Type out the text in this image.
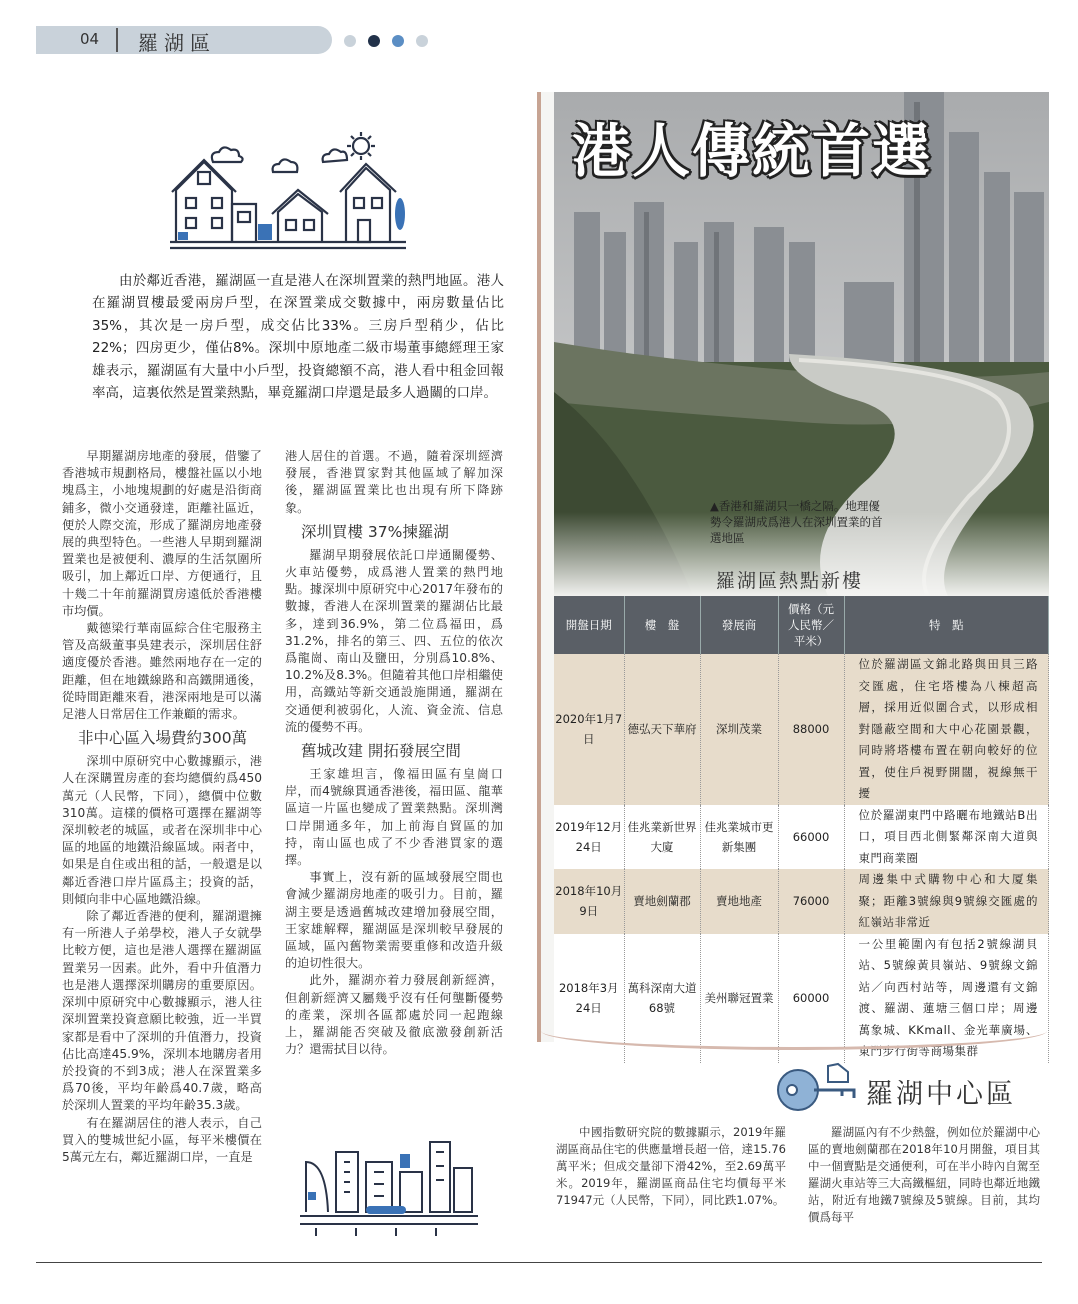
04 羅湖區
由於鄰近香港，羅湖區一直是港人在深圳置業的熱門地區。港人在羅湖買樓最愛兩房戶型，在深置業成交數據中，兩房數量佔比35%，其次是一房戶型，成交佔比33%。三房戶型稍少，佔比22%；四房更少，僅佔8%。深圳中原地產二級市場董事總經理王家雄表示，羅湖區有大量中小戶型，投資總額不高，港人看中租金回報率高，這裏依然是置業熱點，畢竟羅湖口岸還是最多人過關的口岸。

早期羅湖房地產的發展，借鑒了香港城市規劃格局，樓盤社區以小地塊爲主，小地塊規劃的好處是沿街商鋪多，微小交通發達，距離社區近，便於人際交流，形成了羅湖房地產發展的典型特色。一些港人早期到羅湖置業也是被便利、濃厚的生活氛圍所吸引，加上鄰近口岸、方便通行，且十幾二十年前羅湖買房遠低於香港樓市均價。

戴德梁行華南區綜合住宅服務主管及高級董事吳建表示，深圳居住舒適度優於香港。雖然兩地存在一定的距離，但在地鐵線路和高鐵開通後，從時間距離來看，港深兩地是可以滿足港人日常居住工作兼顧的需求。

非中心區入場費約300萬

深圳中原研究中心數據顯示，港人在深購置房產的套均總價約爲450萬元（人民幣，下同），總價中位數310萬。這樣的價格可選擇在羅湖等深圳較老的城區，或者在深圳非中心區的地區的地鐵沿線區域。兩者中，如果是自住或出租的話，一般還是以鄰近香港口岸片區爲主；投資的話，則傾向非中心區地鐵沿線。

除了鄰近香港的便利，羅湖還擁有一所港人子弟學校，港人子女就學比較方便，這也是港人選擇在羅湖區置業另一因素。此外，看中升值潛力也是港人選擇深圳購房的重要原因。深圳中原研究中心數據顯示，港人往深圳置業投資意願比較強，近一半買家都是看中了深圳的升值潛力，投資佔比高達45.9%，深圳本地購房者用於投資的不到3成；港人在深置業多爲70後，平均年齡爲40.7歲，略高於深圳人置業的平均年齡35.3歲。

有在羅湖居住的港人表示，自己買入的雙城世紀小區，每平米樓價在5萬元左右，鄰近羅湖口岸，一直是

港人居住的首選。不過，隨着深圳經濟發展，香港買家對其他區域了解加深後，羅湖區置業比也出現有所下降跡象。

深圳買樓 37%揀羅湖

羅湖早期發展依託口岸通關優勢、火車站優勢，成爲港人置業的熱門地點。據深圳中原研究中心2017年發布的數據，香港人在深圳置業的羅湖佔比最多，達到36.9%，第二位爲福田，爲31.2%，排名的第三、四、五位的依次爲龍崗、南山及鹽田，分別爲10.8%、10.2%及8.3%。但隨着其他口岸相繼使用，高鐵站等新交通設施開通，羅湖在交通便利被弱化，人流、資金流、信息流的優勢不再。

舊城改建 開拓發展空間

王家雄坦言，像福田區有皇崗口岸，而4號線貫通香港後，福田區、龍華區這一片區也變成了置業熱點。深圳灣口岸開通多年，加上前海自貿區的加持，南山區也成了不少香港買家的選擇。

事實上，沒有新的區域發展空間也會減少羅湖房地產的吸引力。目前，羅湖主要是透過舊城改建增加發展空間，王家雄解釋，羅湖區是深圳較早發展的區域，區內舊物業需要重修和改造升級的迫切性很大。

此外，羅湖亦着力發展創新經濟，但創新經濟又屬幾乎沒有任何壟斷優勢的產業，深圳各區都處於同一起跑線上，羅湖能否突破及徹底激發創新活力？還需拭目以待。

港人傳統首選
▲香港和羅湖只一橋之隔。地理優勢令羅湖成爲港人在深圳置業的首選地區
羅湖區熱點新樓
開盤日期	樓　盤	發展商	價格（元人民幣／平米）	特　點
2020年1月7日	德弘天下華府	深圳茂業	88000	位於羅湖區文錦北路與田貝三路交匯處，住宅塔樓為八棟超高層，採用近似圍合式，以形成相對隱蔽空間和大中心花園景觀，同時將塔樓布置在朝向較好的位置，使住戶視野開闊，視線無干擾
2019年12月24日	佳兆業新世界大廈	佳兆業城市更新集團	66000	位於羅湖東門中路曬布地鐵站B出口，項目西北側緊鄰深南大道與東門商業圈
2018年10月9日	賣地劍蘭郡	賣地地產	76000	周邊集中式購物中心和大厦集聚；距離3號線與9號線交匯處的紅嶺站非常近
2018年3月24日	萬科深南大道68號	美州聯冠置業	60000	一公里範圍內有包括2號線湖貝站、5號線黃貝嶺站、9號線文錦站／向西村站等，周邊還有文錦渡、羅湖、蓮塘三個口岸；周邊萬象城、KKmall、金光華廣場、東門步行街等商場集群
羅湖中心區

中國指數研究院的數據顯示，2019年羅湖區商品住宅的供應量增長超一倍，達15.76萬平米；但成交量卻下滑42%，至2.69萬平米。2019年，羅湖區商品住宅均價每平米71947元（人民幣，下同），同比跌1.07%。

羅湖區內有不少熱盤，例如位於羅湖中心區的賣地劍蘭郡在2018年10月開盤，項目其中一個賣點是交通便利，可在半小時內自駕至羅湖火車站等三大高鐵樞紐，同時也鄰近地鐵站，附近有地鐵7號線及5號線。目前，其均價爲每平
